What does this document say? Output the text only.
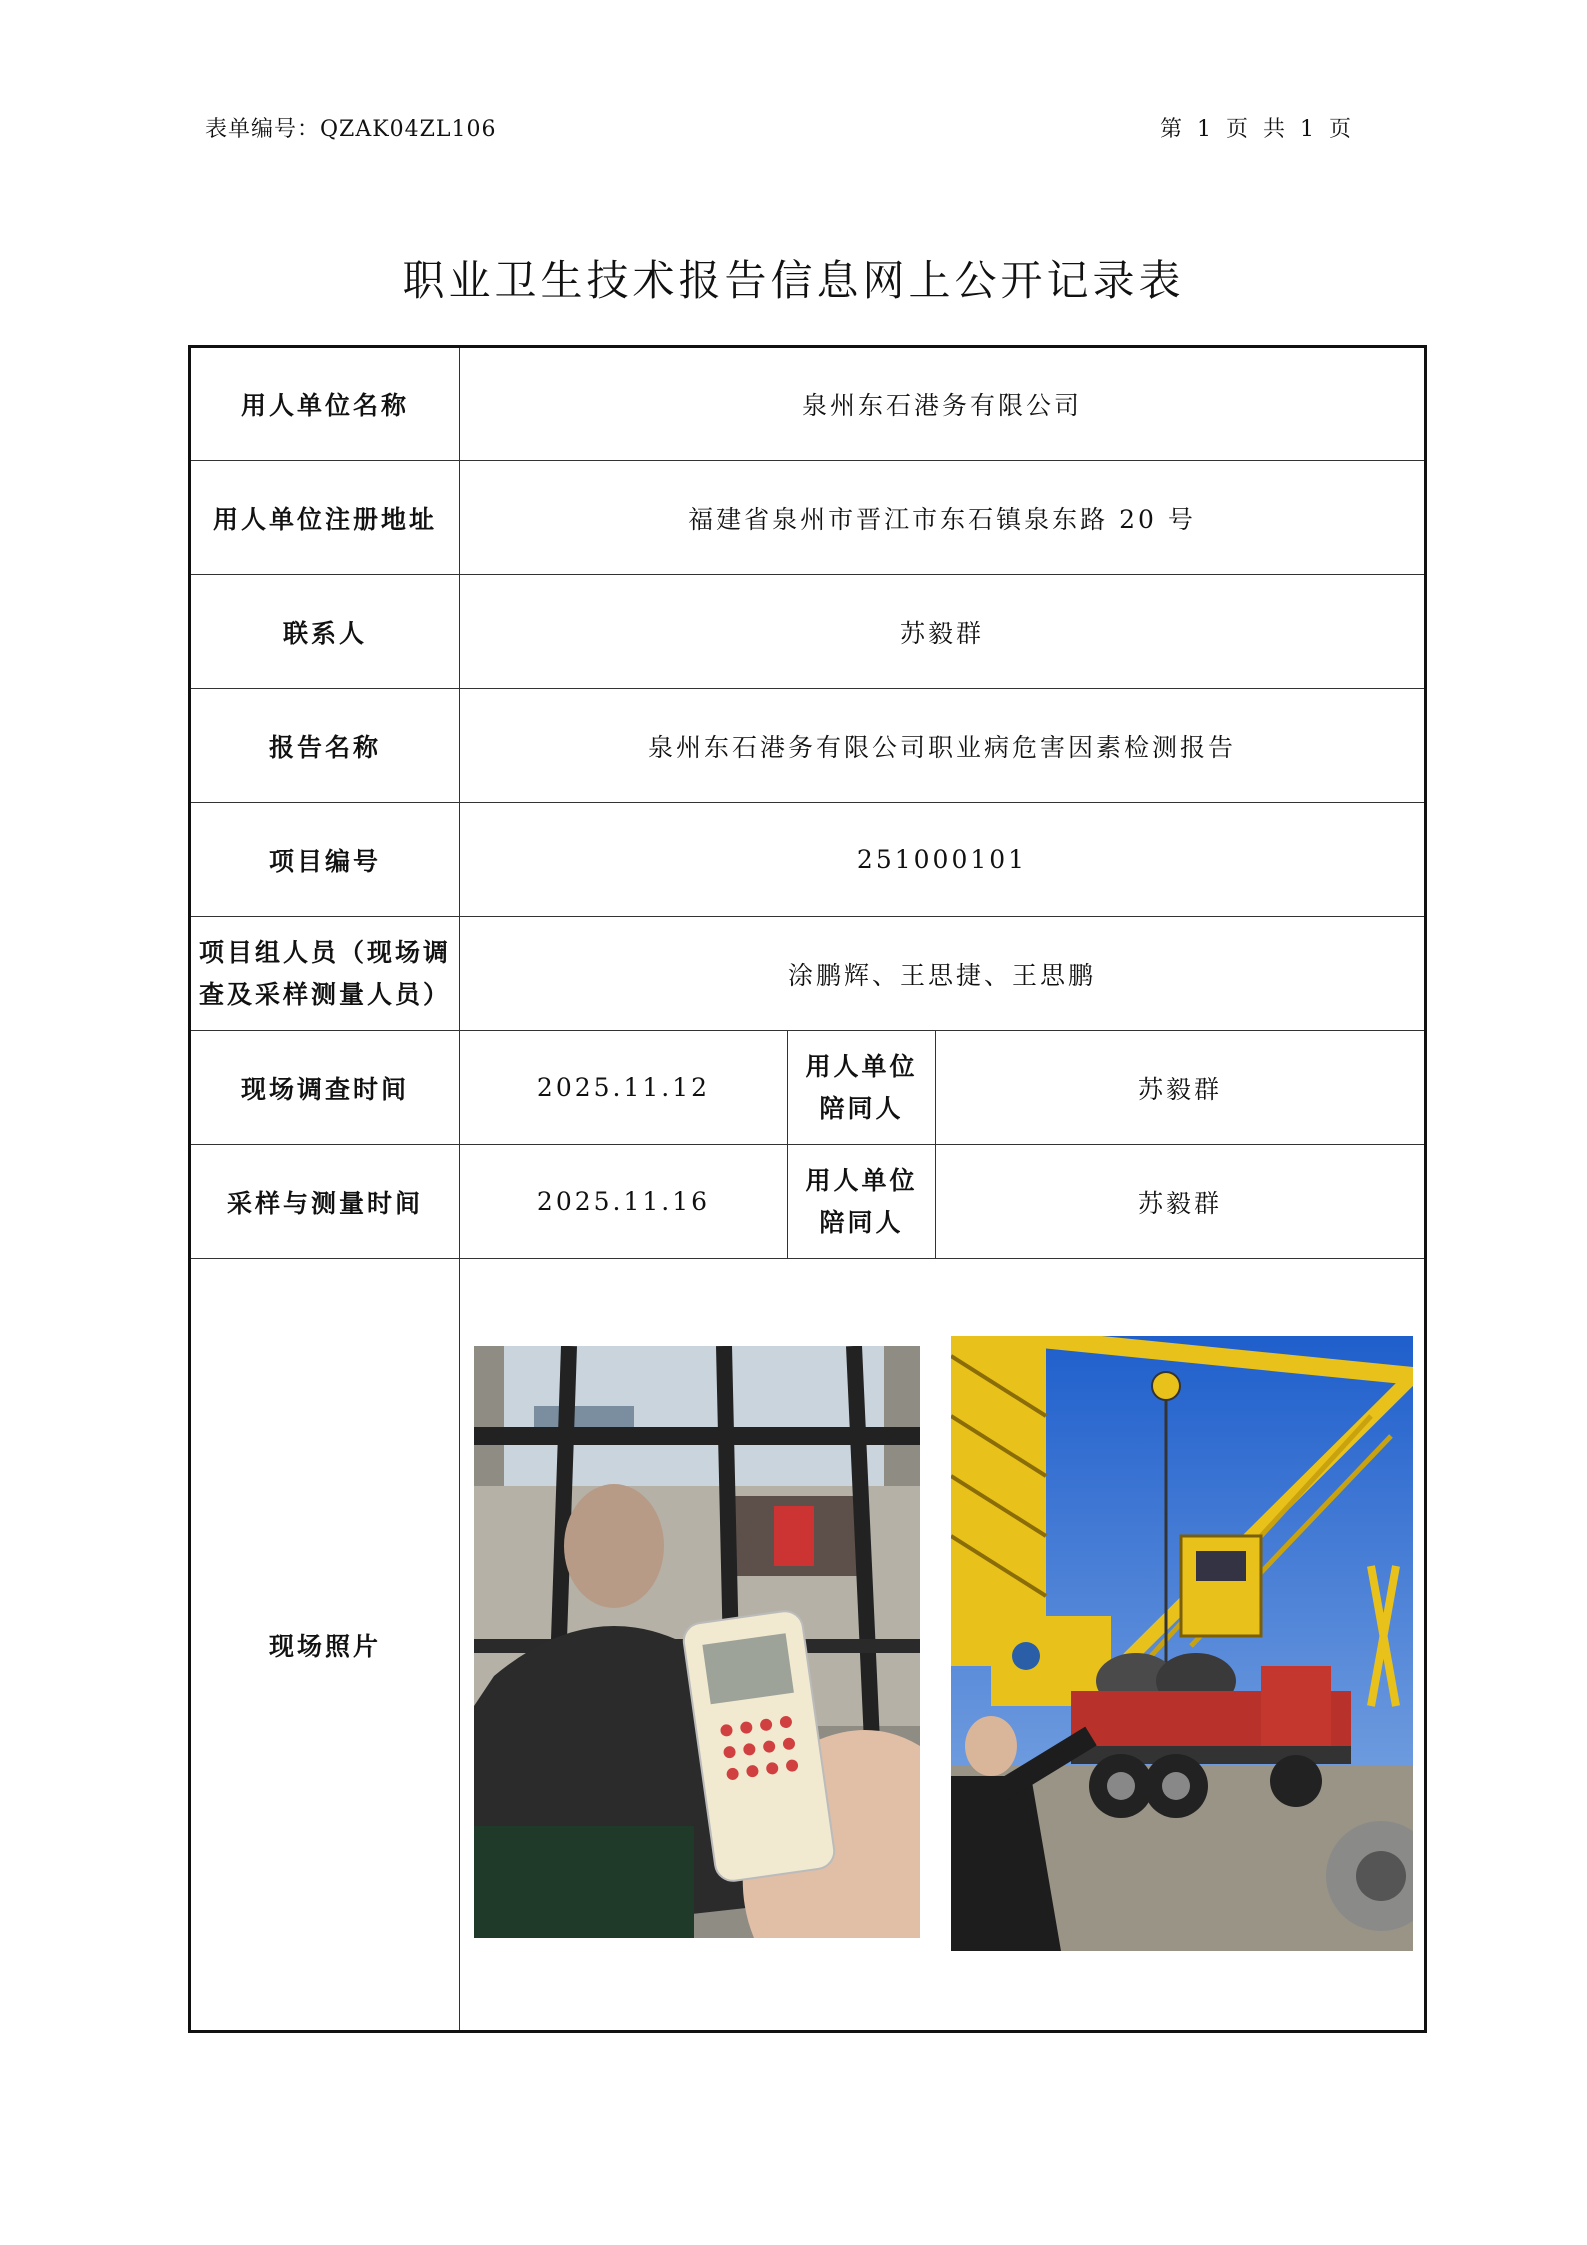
表单编号：QZAK04ZL106	第 1 页 共 1 页
职业卫生技术报告信息网上公开记录表
用人单位名称	泉州东石港务有限公司		
用人单位注册地址	福建省泉州市晋江市东石镇泉东路 20 号		
联系人	苏毅群		
报告名称	泉州东石港务有限公司职业病危害因素检测报告		
项目编号	251000101		
项目组人员（现场调查及采样测量人员）	涂鹏辉、王思捷、王思鹏		
现场调查时间	2025.11.12	用人单位陪同人	苏毅群
采样与测量时间	2025.11.16	用人单位陪同人	苏毅群
现场照片	
